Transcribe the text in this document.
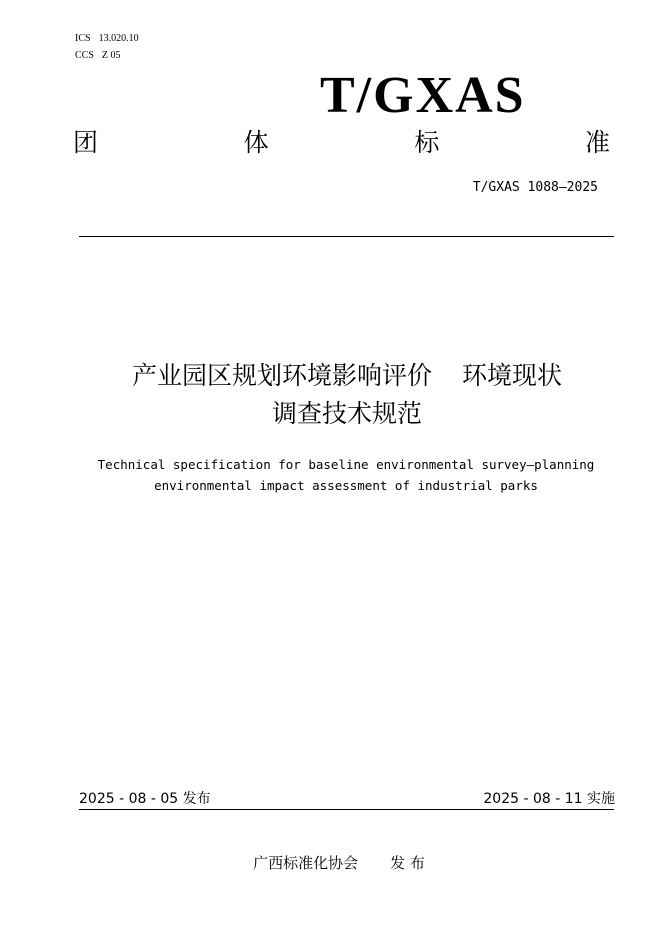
ICS 13.020.10
CCS Z 05
T/GXAS
团	体	标	准
T/GXAS 1088—2025
产业园区规划环境影响评价 环境现状
调查技术规范
Technical specification for baseline environmental survey—planning
environmental impact assessment of industrial parks
2025 - 08 - 05 发布	2025 - 08 - 11 实施
广西标准化协会 发 布
